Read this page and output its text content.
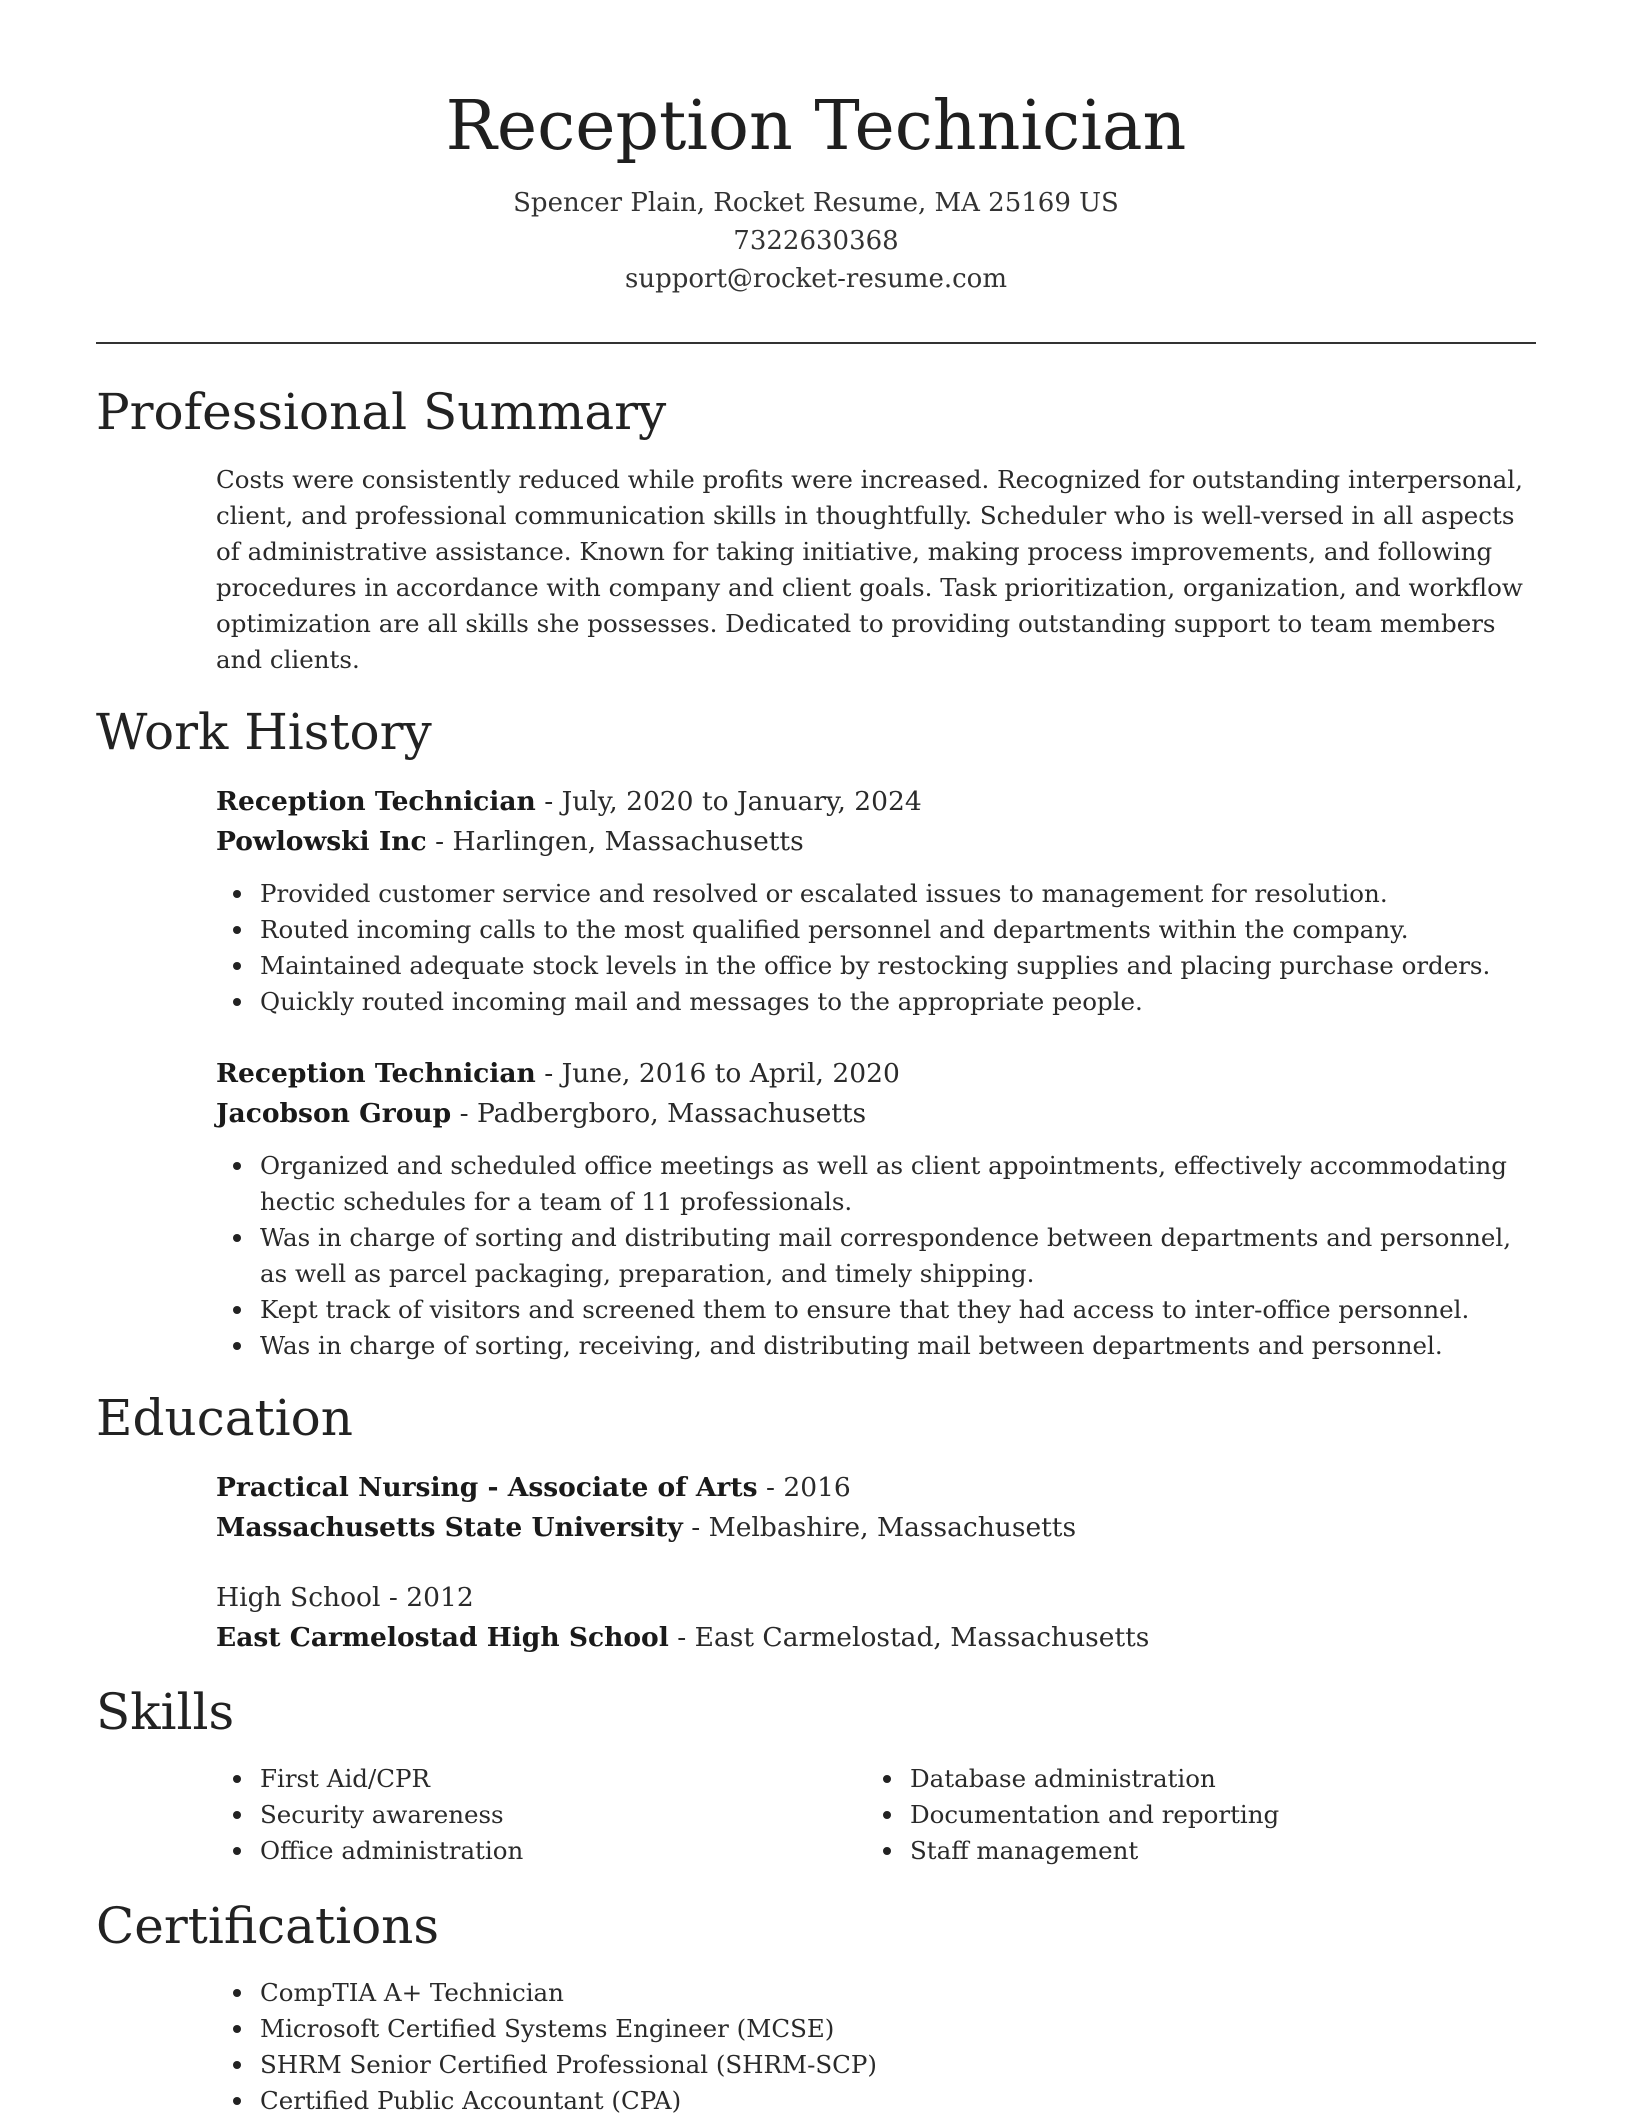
Reception Technician
Spencer Plain, Rocket Resume, MA 25169 US
7322630368
support@rocket-resume.com
Professional Summary

Costs were consistently reduced while profits were increased. Recognized for outstanding interpersonal, client, and professional communication skills in thoughtfully. Scheduler who is well-versed in all aspects of administrative assistance. Known for taking initiative, making process improvements, and following procedures in accordance with company and client goals. Task prioritization, organization, and workflow optimization are all skills she possesses. Dedicated to providing outstanding support to team members and clients.

Work History
Reception Technician - July, 2020 to January, 2024
Powlowski Inc - Harlingen, Massachusetts
Provided customer service and resolved or escalated issues to management for resolution.
Routed incoming calls to the most qualified personnel and departments within the company.
Maintained adequate stock levels in the office by restocking supplies and placing purchase orders.
Quickly routed incoming mail and messages to the appropriate people.
Reception Technician - June, 2016 to April, 2020
Jacobson Group - Padbergboro, Massachusetts
Organized and scheduled office meetings as well as client appointments, effectively accommodating hectic schedules for a team of 11 professionals.
Was in charge of sorting and distributing mail correspondence between departments and personnel, as well as parcel packaging, preparation, and timely shipping.
Kept track of visitors and screened them to ensure that they had access to inter-office personnel.
Was in charge of sorting, receiving, and distributing mail between departments and personnel.
Education
Practical Nursing - Associate of Arts - 2016
Massachusetts State University - Melbashire, Massachusetts
High School - 2012
East Carmelostad High School - East Carmelostad, Massachusetts
Skills
First Aid/CPR
Security awareness
Office administration
Database administration
Documentation and reporting
Staff management
Certifications
CompTIA A+ Technician
Microsoft Certified Systems Engineer (MCSE)
SHRM Senior Certified Professional (SHRM-SCP)
Certified Public Accountant (CPA)
